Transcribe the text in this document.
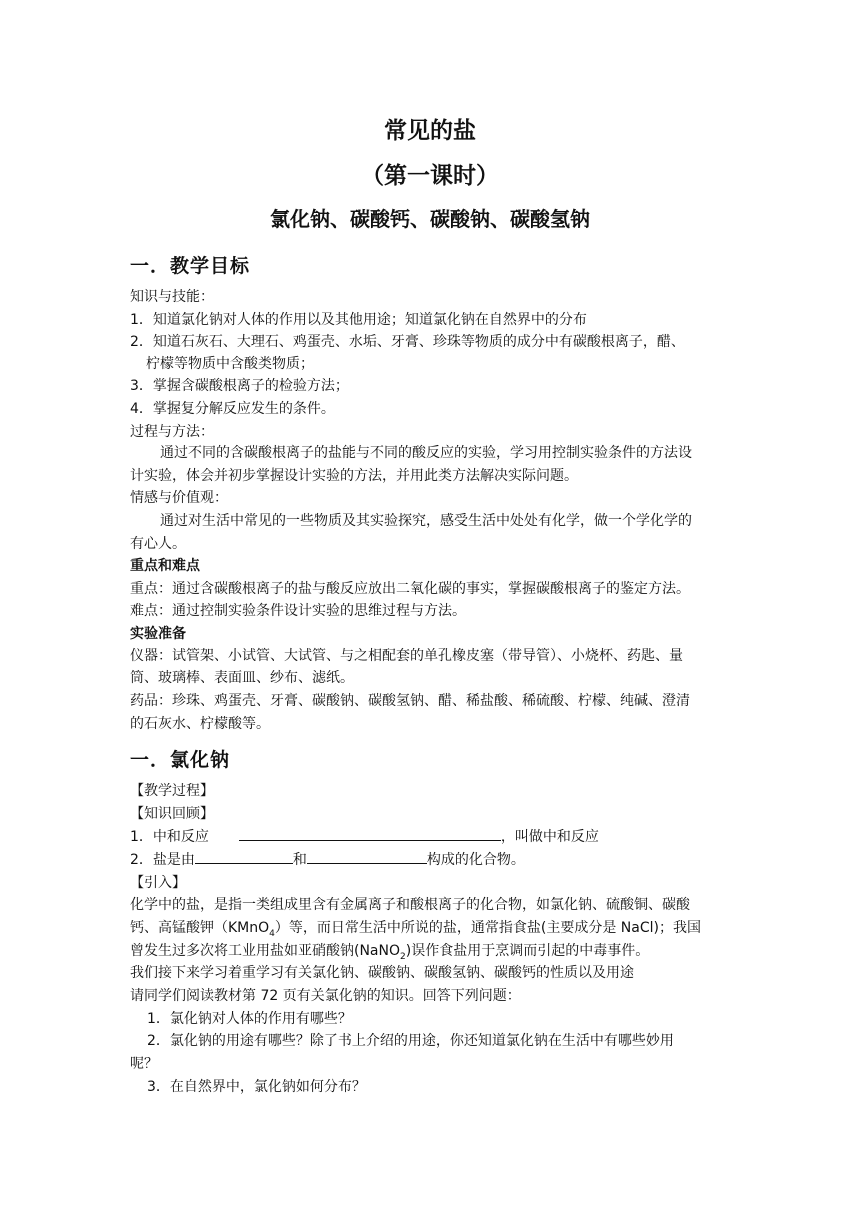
常见的盐
（第一课时）
氯化钠、碳酸钙、碳酸钠、碳酸氢钠
一．教学目标
知识与技能：
1．知道氯化钠对人体的作用以及其他用途；知道氯化钠在自然界中的分布
2．知道石灰石、大理石、鸡蛋壳、水垢、牙膏、珍珠等物质的成分中有碳酸根离子，醋、
柠檬等物质中含酸类物质；
3．掌握含碳酸根离子的检验方法；
4．掌握复分解反应发生的条件。
过程与方法：
通过不同的含碳酸根离子的盐能与不同的酸反应的实验，学习用控制实验条件的方法设
计实验，体会并初步掌握设计实验的方法，并用此类方法解决实际问题。
情感与价值观：
通过对生活中常见的一些物质及其实验探究，感受生活中处处有化学，做一个学化学的
有心人。
重点和难点
重点：通过含碳酸根离子的盐与酸反应放出二氧化碳的事实，掌握碳酸根离子的鉴定方法。
难点：通过控制实验条件设计实验的思维过程与方法。
实验准备
仪器：试管架、小试管、大试管、与之相配套的单孔橡皮塞（带导管）、小烧杯、药匙、量
筒、玻璃棒、表面皿、纱布、滤纸。
药品：珍珠、鸡蛋壳、牙膏、碳酸钠、碳酸氢钠、醋、稀盐酸、稀硫酸、柠檬、纯碱、澄清
的石灰水、柠檬酸等。
一．氯化钠
【教学过程】
【知识回顾】
1．中和反应	，叫做中和反应
2．盐是由	和	构成的化合物。
【引入】
化学中的盐，是指一类组成里含有金属离子和酸根离子的化合物，如氯化钠、硫酸铜、碳酸
钙、高锰酸钾（KMnO$_4$）等，而日常生活中所说的盐，通常指食盐(主要成分是 NaCl)；我国
曾发生过多次将工业用盐如亚硝酸钠(NaNO$_2$)误作食盐用于烹调而引起的中毒事件。
我们接下来学习着重学习有关氯化钠、碳酸钠、碳酸氢钠、碳酸钙的性质以及用途
请同学们阅读教材第 72 页有关氯化钠的知识。回答下列问题：
1．氯化钠对人体的作用有哪些？
2．氯化钠的用途有哪些？除了书上介绍的用途，你还知道氯化钠在生活中有哪些妙用
呢？
3．在自然界中，氯化钠如何分布？
